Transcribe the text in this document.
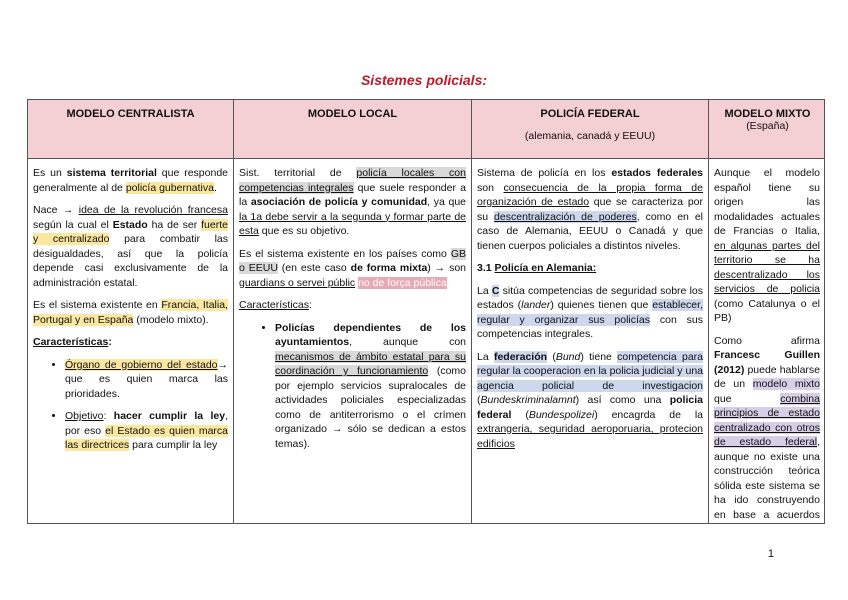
Sistemes policials:
MODELO CENTRALISTA	MODELO LOCAL	POLICÍA FEDERAL
(alemania, canadá y EEUU)
MODELO MIXTO
(España)

Es un sistema territorial que responde generalmente al de policía gubernativa.

Nace → idea de la revolución francesa según la cual el Estado ha de ser fuerte y centralizado para combatir las desigualdades, así que la policía depende casi exclusivamente de la administración estatal.

Es el sistema existente en Francia, Italia, Portugal y en España (modelo mixto).

Características:

• Órgano de gobierno del estado→ que es quien marca las prioridades.
• Objetivo: hacer cumplir la ley, por eso el Estado es quien marca las directrices para cumplir la ley

Sist. territorial de policía locales con competencias integrales que suele responder a la asociación de policía y comunidad, ya que la 1a debe servir a la segunda y formar parte de esta que es su objetivo.

Es el sistema existente en los países como GB o EEUU (en este caso de forma mixta) → son guardians o servei públic no de força pública

Características:

• Policías dependientes de los ayuntamientos, aunque con mecanismos de ámbito estatal para su coordinación y funcionamiento (como por ejemplo servicios supralocales de actividades policiales especializadas como de antiterrorismo o el crímen organizado → sólo se dedican a estos temas).

Sistema de policía en los estados federales son consecuencia de la propia forma de organización de estado que se caracteriza por su descentralización de poderes, como en el caso de Alemania, EEUU o Canadá y que tienen cuerpos policiales a distintos niveles.

3.1 Policía en Alemania:

La C sitúa competencias de seguridad sobre los estados (lander) quienes tienen que establecer, regular y organizar sus policías con sus competencias integrales.

La federación (Bund) tiene competencia para regular la cooperacion en la policia judicial y una agencia policial de investigacion (Bundeskriminalamnt) así como una policia federal (Bundespolizei) encagrda de la extrangeria, seguridad aeroporuaria, protecion edificios

Aunque el modelo español tiene su origen las modalidades actuales de Francias o Italia, en algunas partes del territorio se ha descentralizado los servicios de policia (como Catalunya o el PB)

Como afirma Francesc Guillen (2012) puede hablarse de un modelo mixto que combina principios de estado centralizado con otros de estado federal, aunque no existe una construcción teórica sólida este sistema se ha ido construyendo en base a acuerdos

1
